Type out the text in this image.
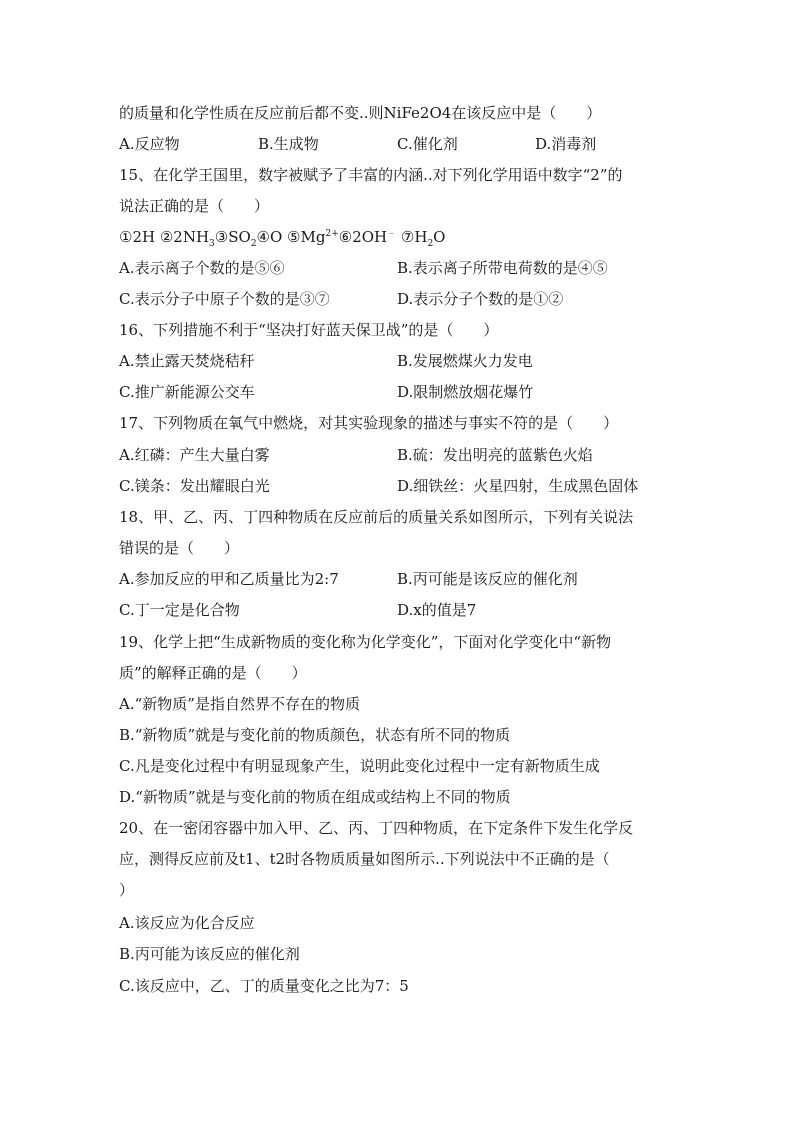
的质量和化学性质在反应前后都不变..则NiFe2O4在该反应中是（　　）
A.反应物	B.生成物	C.催化剂	D.消毒剂
15、在化学王国里，数字被赋予了丰富的内涵..对下列化学用语中数字“2”的
说法正确的是（　　）
①2H $②2NH_3③SO_2④O$ $⑤Mg^{2+}⑥2OH^﹣$ $⑦H_2O$
A.表示离子个数的是⑤⑥	B.表示离子所带电荷数的是④⑤
C.表示分子中原子个数的是③⑦	D.表示分子个数的是①②
16、下列措施不利于“坚决打好蓝天保卫战”的是（　　）
A.禁止露天焚烧秸秆	B.发展燃煤火力发电
C.推广新能源公交车	D.限制燃放烟花爆竹
17、下列物质在氧气中燃烧，对其实验现象的描述与事实不符的是（　　）
A.红磷：产生大量白雾	B.硫：发出明亮的蓝紫色火焰
C.镁条：发出耀眼白光	D.细铁丝：火星四射，生成黑色固体
18、甲、乙、丙、丁四种物质在反应前后的质量关系如图所示，下列有关说法
错误的是（　　）
A.参加反应的甲和乙质量比为2:7	B.丙可能是该反应的催化剂
C.丁一定是化合物	D.x的值是7
19、化学上把“生成新物质的变化称为化学变化”，下面对化学变化中“新物
质”的解释正确的是（　　）
A.“新物质”是指自然界不存在的物质
B.“新物质”就是与变化前的物质颜色，状态有所不同的物质
C.凡是变化过程中有明显现象产生，说明此变化过程中一定有新物质生成
D.“新物质”就是与变化前的物质在组成或结构上不同的物质
20、在一密闭容器中加入甲、乙、丙、丁四种物质，在下定条件下发生化学反
应，测得反应前及t1、t2时各物质质量如图所示..下列说法中不正确的是（
）
A.该反应为化合反应
B.丙可能为该反应的催化剂
C.该反应中，乙、丁的质量变化之比为7：5
